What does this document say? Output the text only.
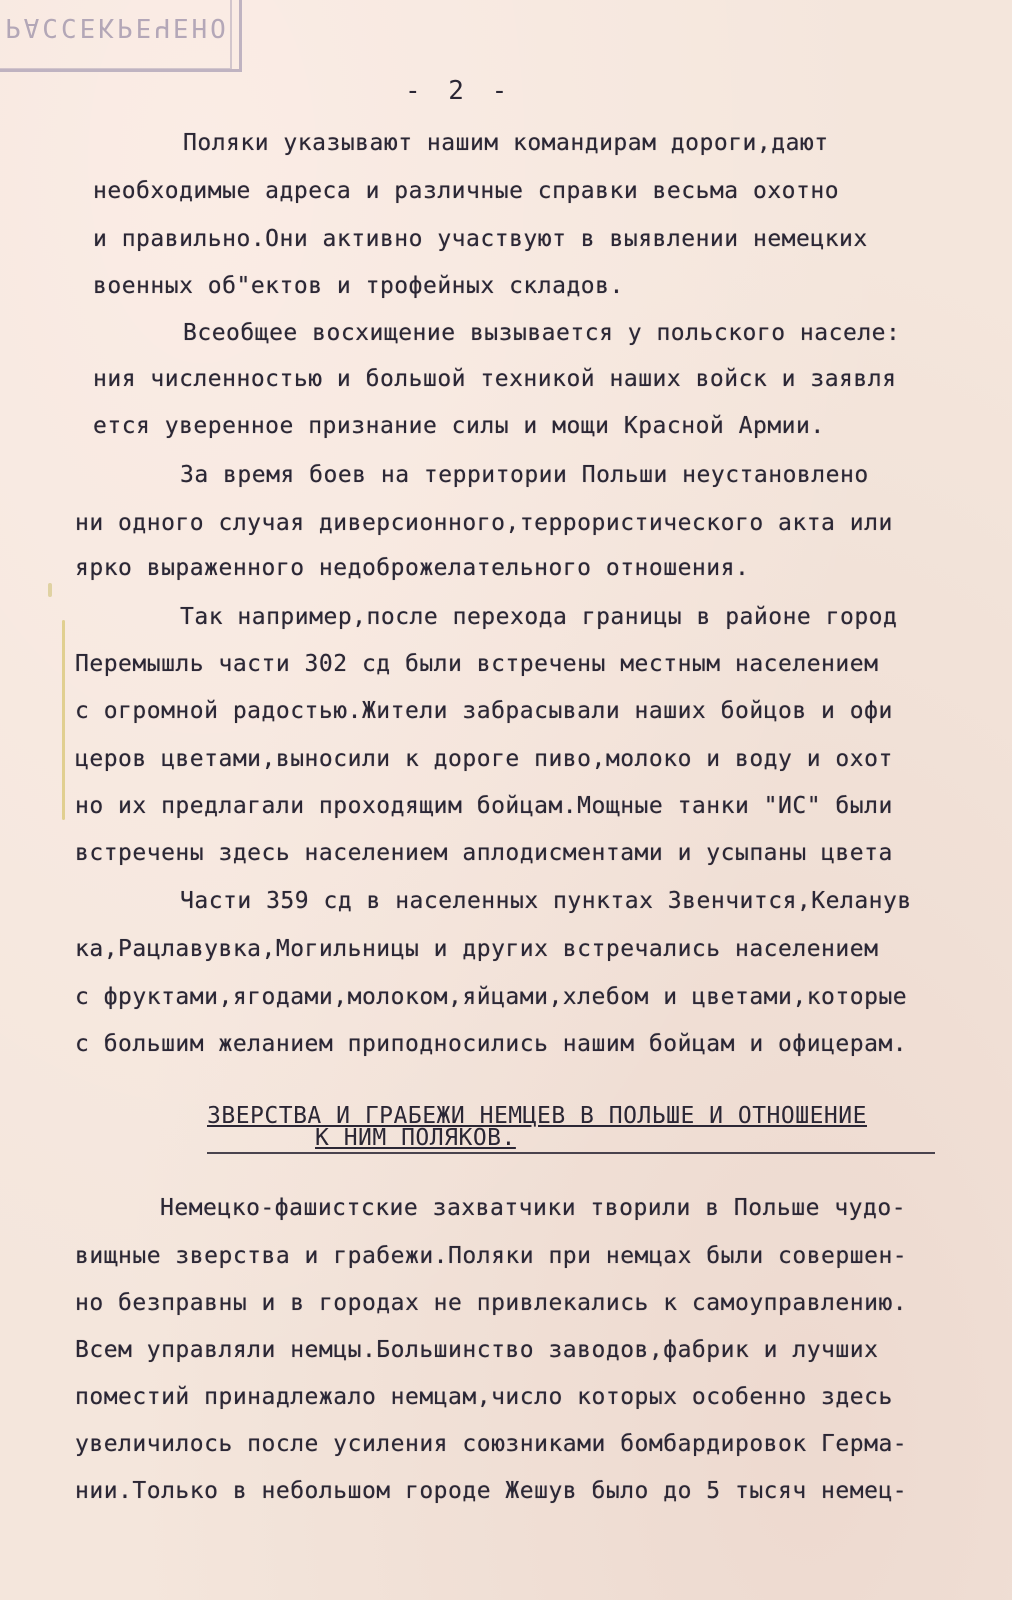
РАССЕКРЕЧЕНО
- 2 -
Поляки указывают нашим командирам дороги,дают
необходимые адреса и различные справки весьма охотно
и правильно.Они активно участвуют в выявлении немецких
военных об"ектов и трофейных складов.
Всеобщее восхищение вызывается у польского населе:
ния численностью и большой техникой наших войск и заявля
ется уверенное признание силы и мощи Красной Армии.
За время боев на территории Польши неустановлено
ни одного случая диверсионного,террористического акта или
ярко выраженного недоброжелательного отношения.
Так например,после перехода границы в районе город
Перемышль части 302 сд были встречены местным населением
с огромной радостью.Жители забрасывали наших бойцов и офи
церов цветами,выносили к дороге пиво,молоко и воду и охот
но их предлагали проходящим бойцам.Мощные танки "ИС" были
встречены здесь населением аплодисментами и усыпаны цвета
Части 359 сд в населенных пунктах Звенчится,Келанув
ка,Рацлавувка,Могильницы и других встречались населением
с фруктами,ягодами,молоком,яйцами,хлебом и цветами,которые
с большим желанием приподносились нашим бойцам и офицерам.
ЗВЕРСТВА И ГРАБЕЖИ НЕМЦЕВ В ПОЛЬШЕ И ОТНОШЕНИЕ
К НИМ ПОЛЯКОВ.
Немецко-фашистские захватчики творили в Польше чудо-
вищные зверства и грабежи.Поляки при немцах были совершен-
но безправны и в городах не привлекались к самоуправлению.
Всем управляли немцы.Большинство заводов,фабрик и лучших
поместий принадлежало немцам,число которых особенно здесь
увеличилось после усиления союзниками бомбардировок Герма-
нии.Только в небольшом городе Жешув было до 5 тысяч немец-
